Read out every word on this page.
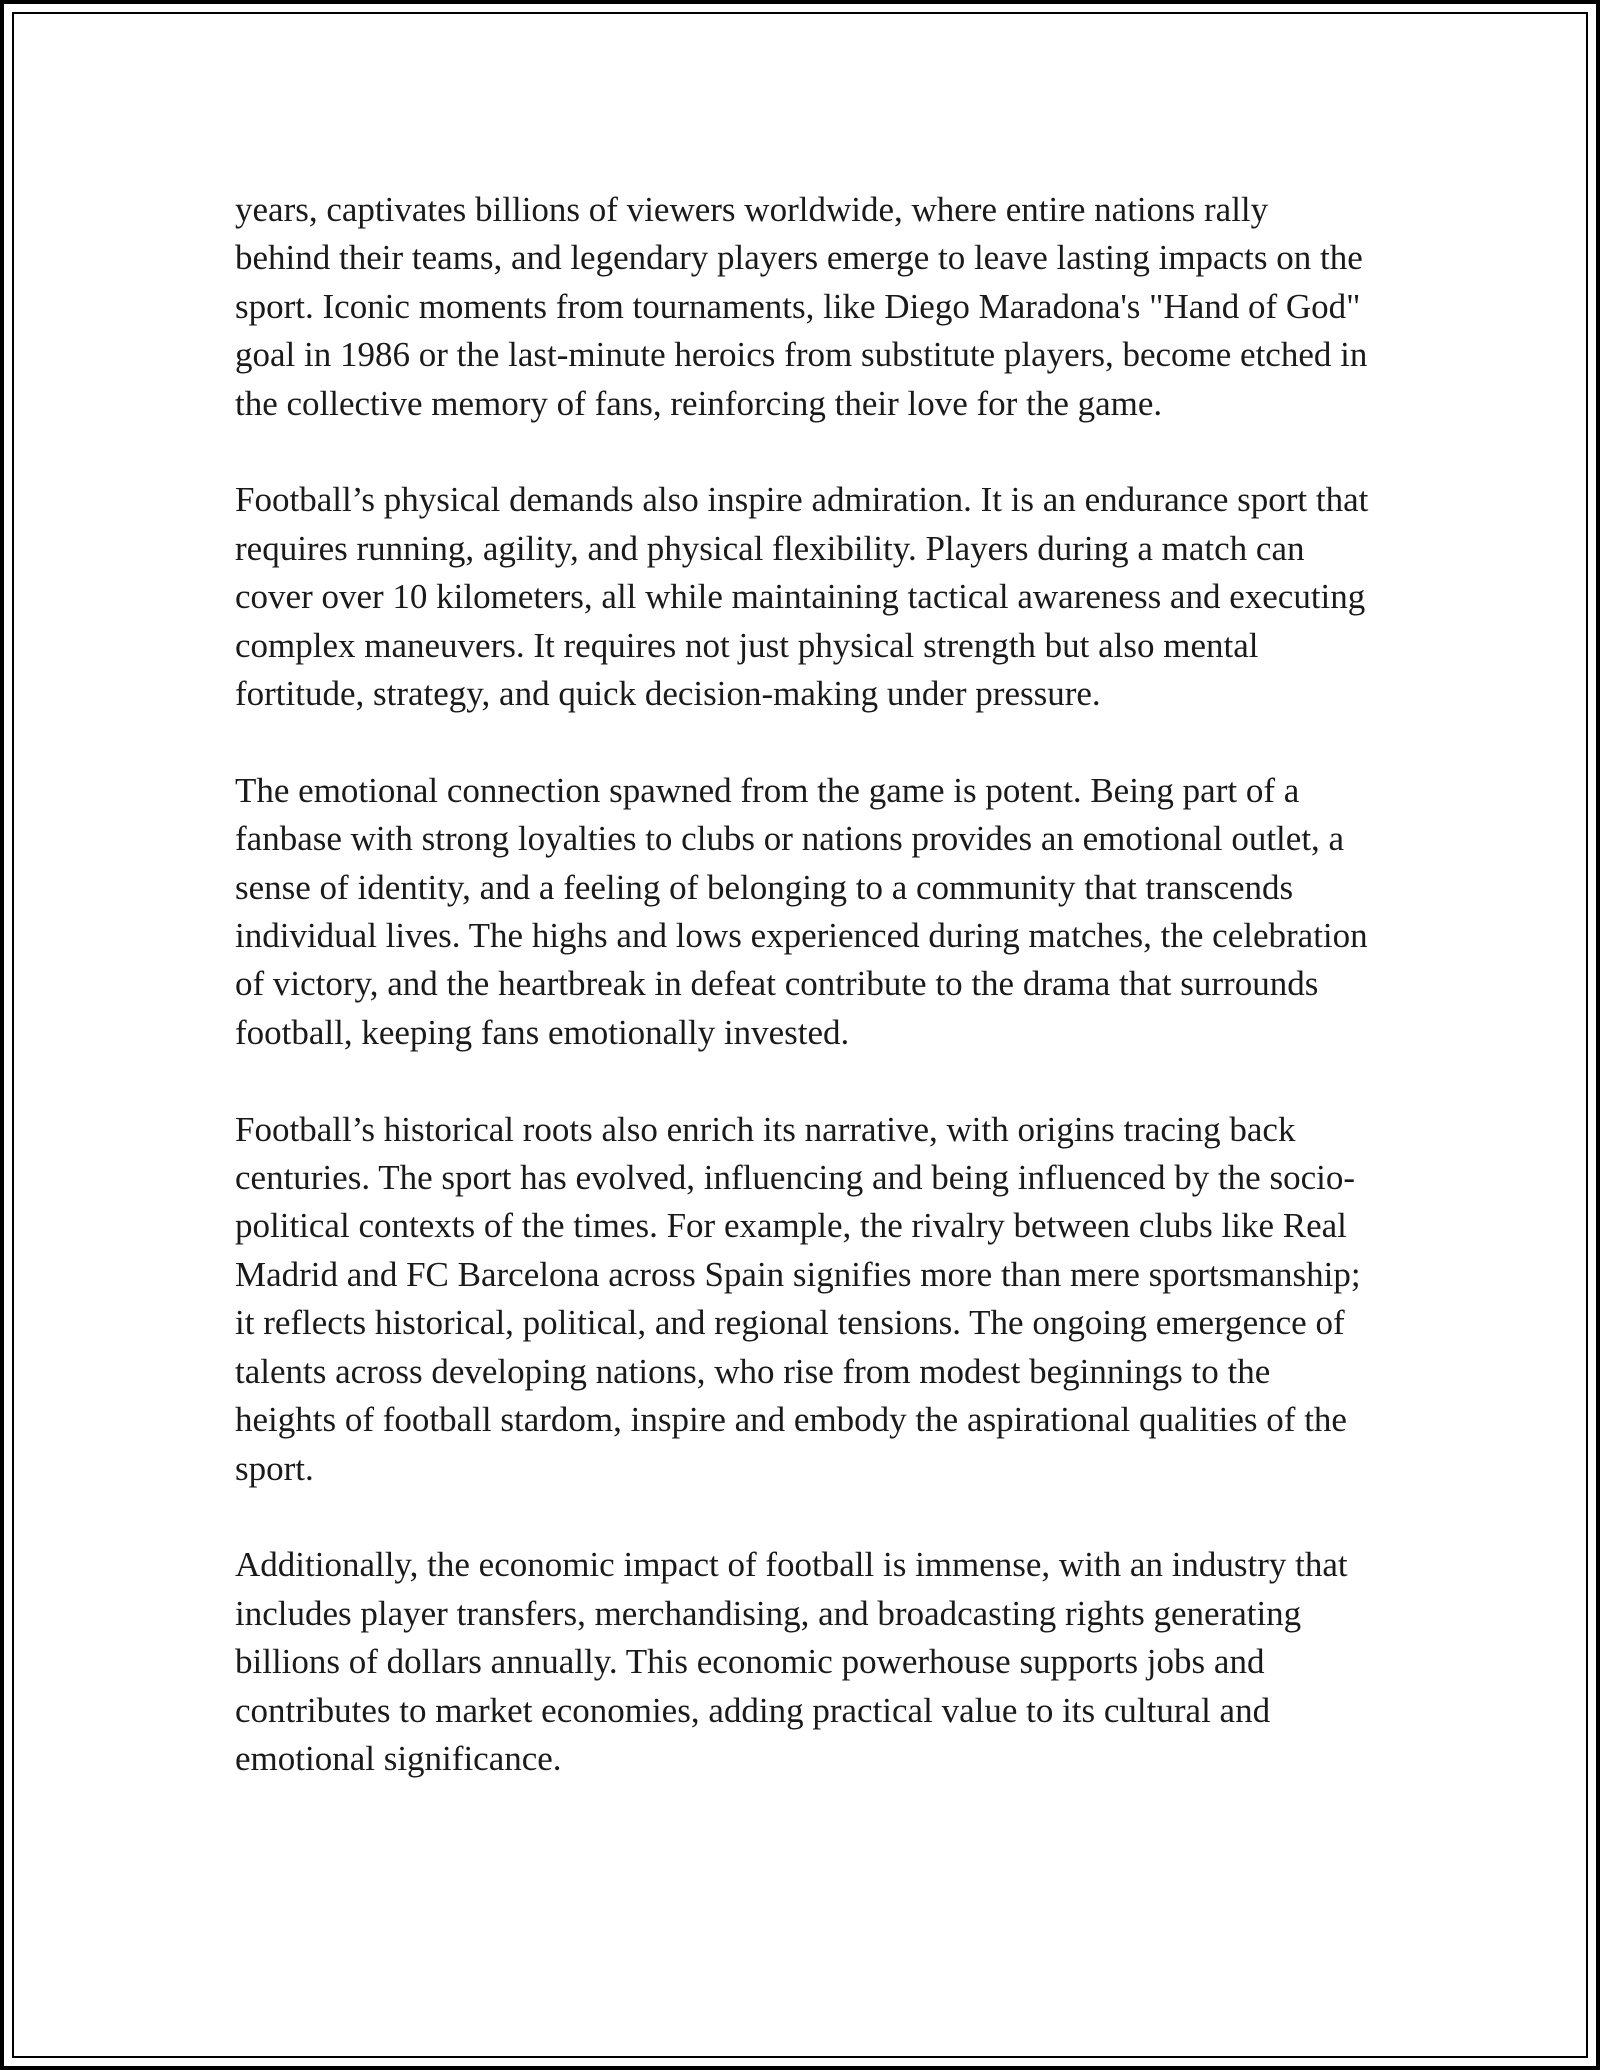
years, captivates billions of viewers worldwide, where entire nations rally behind their teams, and legendary players emerge to leave lasting impacts on the sport. Iconic moments from tournaments, like Diego Maradona's "Hand of God" goal in 1986 or the last-minute heroics from substitute players, become etched in the collective memory of fans, reinforcing their love for the game.

Football’s physical demands also inspire admiration. It is an endurance sport that requires running, agility, and physical flexibility. Players during a match can cover over 10 kilometers, all while maintaining tactical awareness and executing complex maneuvers. It requires not just physical strength but also mental fortitude, strategy, and quick decision-making under pressure.

The emotional connection spawned from the game is potent. Being part of a fanbase with strong loyalties to clubs or nations provides an emotional outlet, a sense of identity, and a feeling of belonging to a community that transcends individual lives. The highs and lows experienced during matches, the celebration of victory, and the heartbreak in defeat contribute to the drama that surrounds football, keeping fans emotionally invested.

Football’s historical roots also enrich its narrative, with origins tracing back centuries. The sport has evolved, influencing and being influenced by the socio-political contexts of the times. For example, the rivalry between clubs like Real Madrid and FC Barcelona across Spain signifies more than mere sportsmanship; it reflects historical, political, and regional tensions. The ongoing emergence of talents across developing nations, who rise from modest beginnings to the heights of football stardom, inspire and embody the aspirational qualities of the sport.

Additionally, the economic impact of football is immense, with an industry that includes player transfers, merchandising, and broadcasting rights generating billions of dollars annually. This economic powerhouse supports jobs and contributes to market economies, adding practical value to its cultural and emotional significance.
